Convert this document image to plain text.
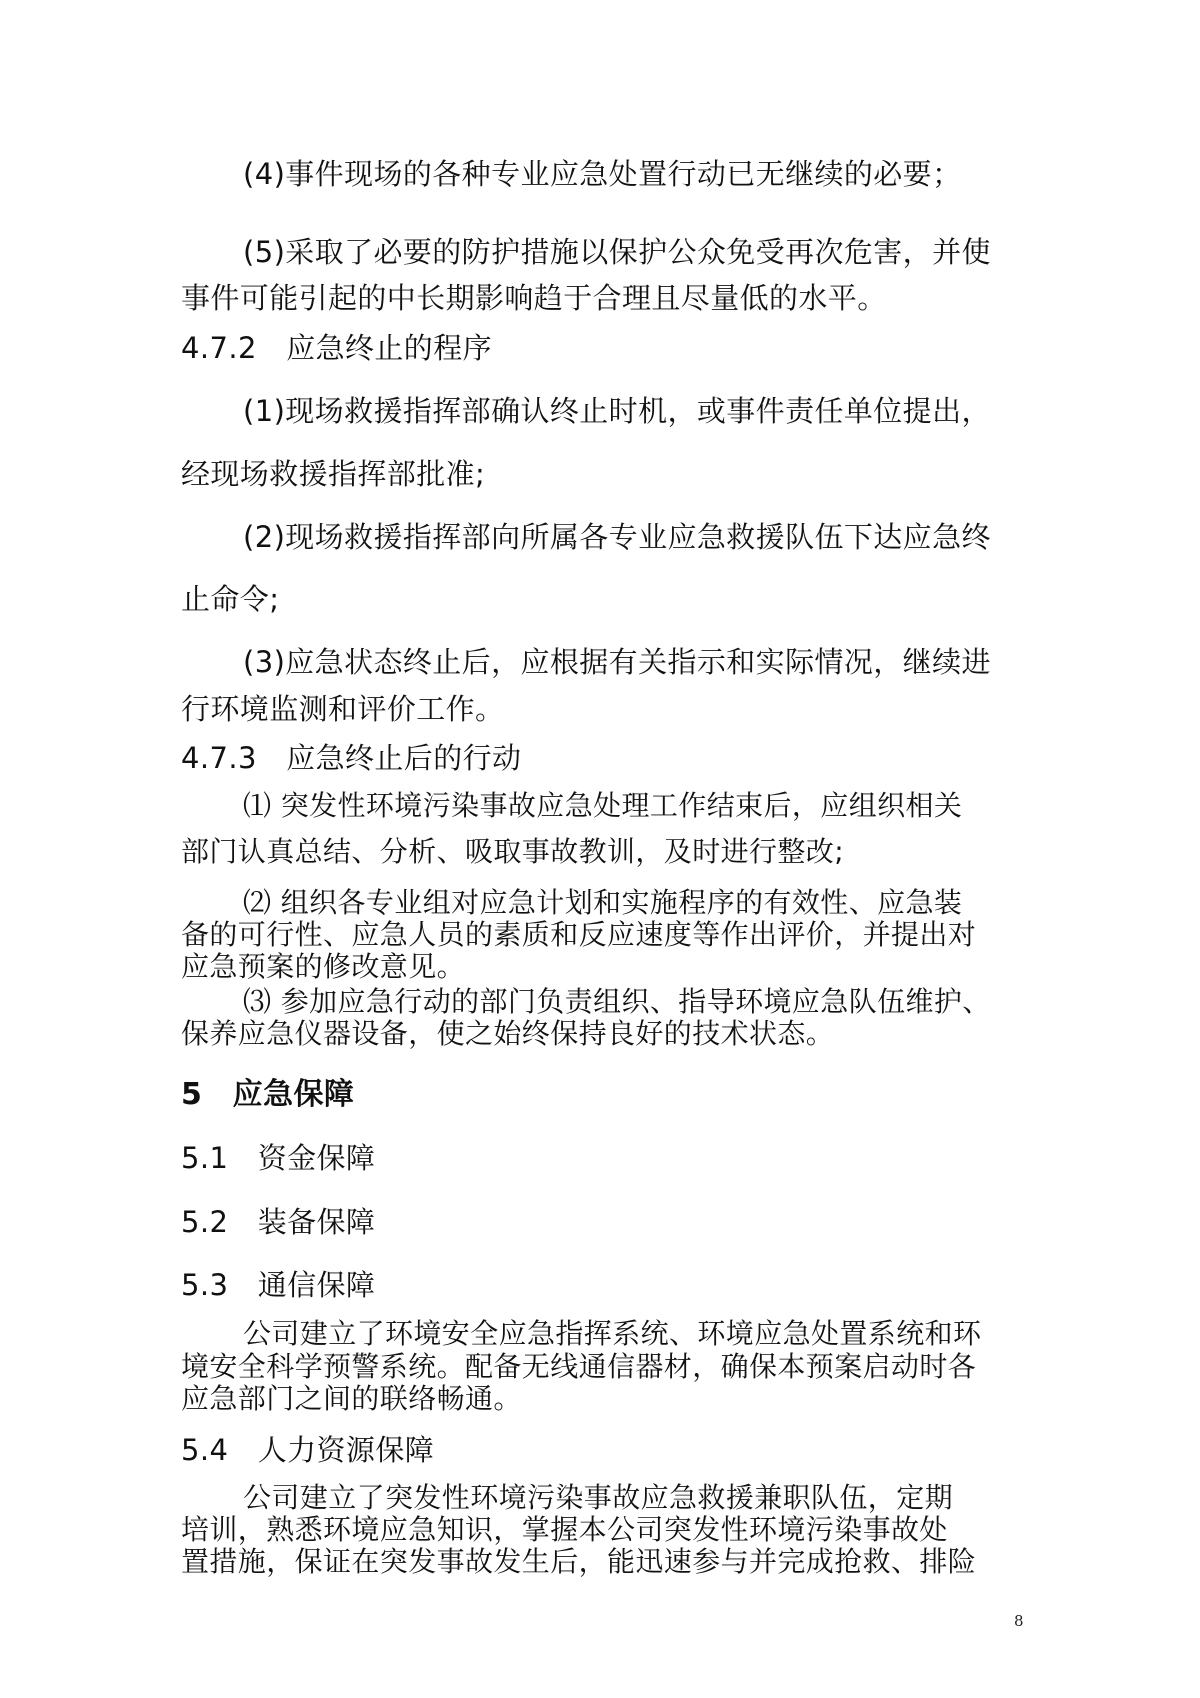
(4)事件现场的各种专业应急处置行动已无继续的必要；
(5)采取了必要的防护措施以保护公众免受再次危害，并使
事件可能引起的中长期影响趋于合理且尽量低的水平。
4.7.2　应急终止的程序
(1)现场救援指挥部确认终止时机，或事件责任单位提出，
经现场救援指挥部批准;
(2)现场救援指挥部向所属各专业应急救援队伍下达应急终
止命令;
(3)应急状态终止后，应根据有关指示和实际情况，继续进
行环境监测和评价工作。
4.7.3　应急终止后的行动
⑴ 突发性环境污染事故应急处理工作结束后，应组织相关
部门认真总结、分析、吸取事故教训，及时进行整改;
⑵ 组织各专业组对应急计划和实施程序的有效性、应急装
备的可行性、应急人员的素质和反应速度等作出评价，并提出对
应急预案的修改意见。
⑶ 参加应急行动的部门负责组织、指导环境应急队伍维护、
保养应急仪器设备，使之始终保持良好的技术状态。
5　应急保障
5.1　资金保障
5.2　装备保障
5.3　通信保障
公司建立了环境安全应急指挥系统、环境应急处置系统和环
境安全科学预警系统。配备无线通信器材，确保本预案启动时各
应急部门之间的联络畅通。
5.4　人力资源保障
公司建立了突发性环境污染事故应急救援兼职队伍，定期
培训，熟悉环境应急知识，掌握本公司突发性环境污染事故处
置措施，保证在突发事故发生后，能迅速参与并完成抢救、排险
8
